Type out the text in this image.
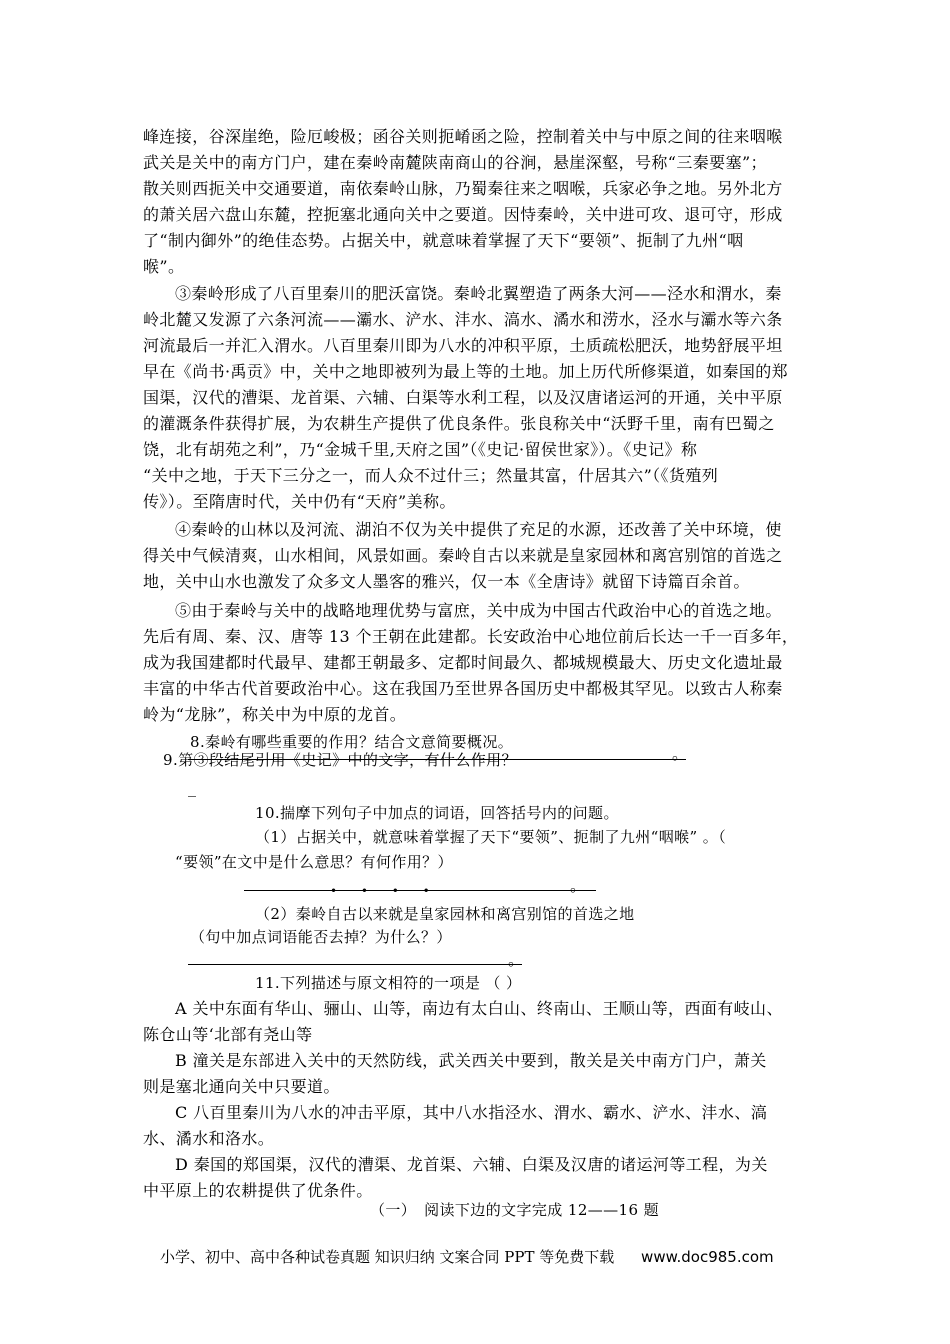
峰连接，谷深崖绝，险厄峻极；函谷关则扼崤函之险，控制着关中与中原之间的往来咽喉

武关是关中的南方门户，建在秦岭南麓陕南商山的谷涧，悬崖深壑，号称“三秦要塞”；

散关则西扼关中交通要道，南依秦岭山脉，乃蜀秦往来之咽喉，兵家必争之地。另外北方

的萧关居六盘山东麓，控扼塞北通向关中之要道。因恃秦岭，关中进可攻、退可守，形成

了“制内御外”的绝佳态势。占据关中，就意味着掌握了天下“要领”、扼制了九州“咽

喉”。

③秦岭形成了八百里秦川的肥沃富饶。秦岭北翼塑造了两条大河——泾水和渭水，秦

岭北麓又发源了六条河流——灞水、浐水、沣水、滈水、潏水和涝水，泾水与灞水等六条

河流最后一并汇入渭水。八百里秦川即为八水的冲积平原，土质疏松肥沃，地势舒展平坦

早在《尚书·禹贡》中，关中之地即被列为最上等的土地。加上历代所修渠道，如秦国的郑

国渠，汉代的漕渠、龙首渠、六辅、白渠等水利工程，以及汉唐诸运河的开通，关中平原

的灌溉条件获得扩展，为农耕生产提供了优良条件。张良称关中“沃野千里，南有巴蜀之

饶，北有胡苑之利”，乃“金城千里,天府之国”（《史记·留侯世家》）。《史记》称

“关中之地，于天下三分之一，而人众不过什三；然量其富，什居其六”（《货殖列

传》）。至隋唐时代，关中仍有“天府”美称。

④秦岭的山林以及河流、湖泊不仅为关中提供了充足的水源，还改善了关中环境，使

得关中气候清爽，山水相间，风景如画。秦岭自古以来就是皇家园林和离宫别馆的首选之

地，关中山水也激发了众多文人墨客的雅兴，仅一本《全唐诗》就留下诗篇百余首。

⑤由于秦岭与关中的战略地理优势与富庶，关中成为中国古代政治中心的首选之地。

先后有周、秦、汉、唐等 13 个王朝在此建都。长安政治中心地位前后长达一千一百多年，

成为我国建都时代最早、建都王朝最多、定都时间最久、都城规模最大、历史文化遗址最

丰富的中华古代首要政治中心。这在我国乃至世界各国历史中都极其罕见。以致古人称秦

岭为“龙脉”，称关中为中原的龙首。

8.秦岭有哪些重要的作用？结合文意简要概况。

。

9.第③段结尾引用《史记》中的文字，有什么作用？

_

10.揣摩下列句子中加点的词语，回答括号内的问题。

（1）占据关中，就意味着掌握了天下“要领”、扼制了九州“咽喉” 。（

“要领”在文中是什么意思？有何作用？）

• • • •	。

（2）秦岭自古以来就是皇家园林和离宫别馆的首选之地

（句中加点词语能否去掉？为什么？）

。

11.下列描述与原文相符的一项是 （ ）

A 关中东面有华山、骊山、山等，南边有太白山、终南山、王顺山等，西面有岐山、

陈仓山等‘北部有尧山等

B 潼关是东部进入关中的天然防线，武关西关中要到，散关是关中南方门户，萧关

则是塞北通向关中只要道。

C 八百里秦川为八水的冲击平原，其中八水指泾水、渭水、霸水、浐水、沣水、滈

水、潏水和洛水。

D 秦国的郑国渠，汉代的漕渠、龙首渠、六辅、白渠及汉唐的诸运河等工程，为关

中平原上的农耕提供了优条件。

（一）　阅读下边的文字完成 12——16 题

小学、初中、高中各种试卷真题 知识归纳 文案合同 PPT 等免费下载 www.doc985.com
